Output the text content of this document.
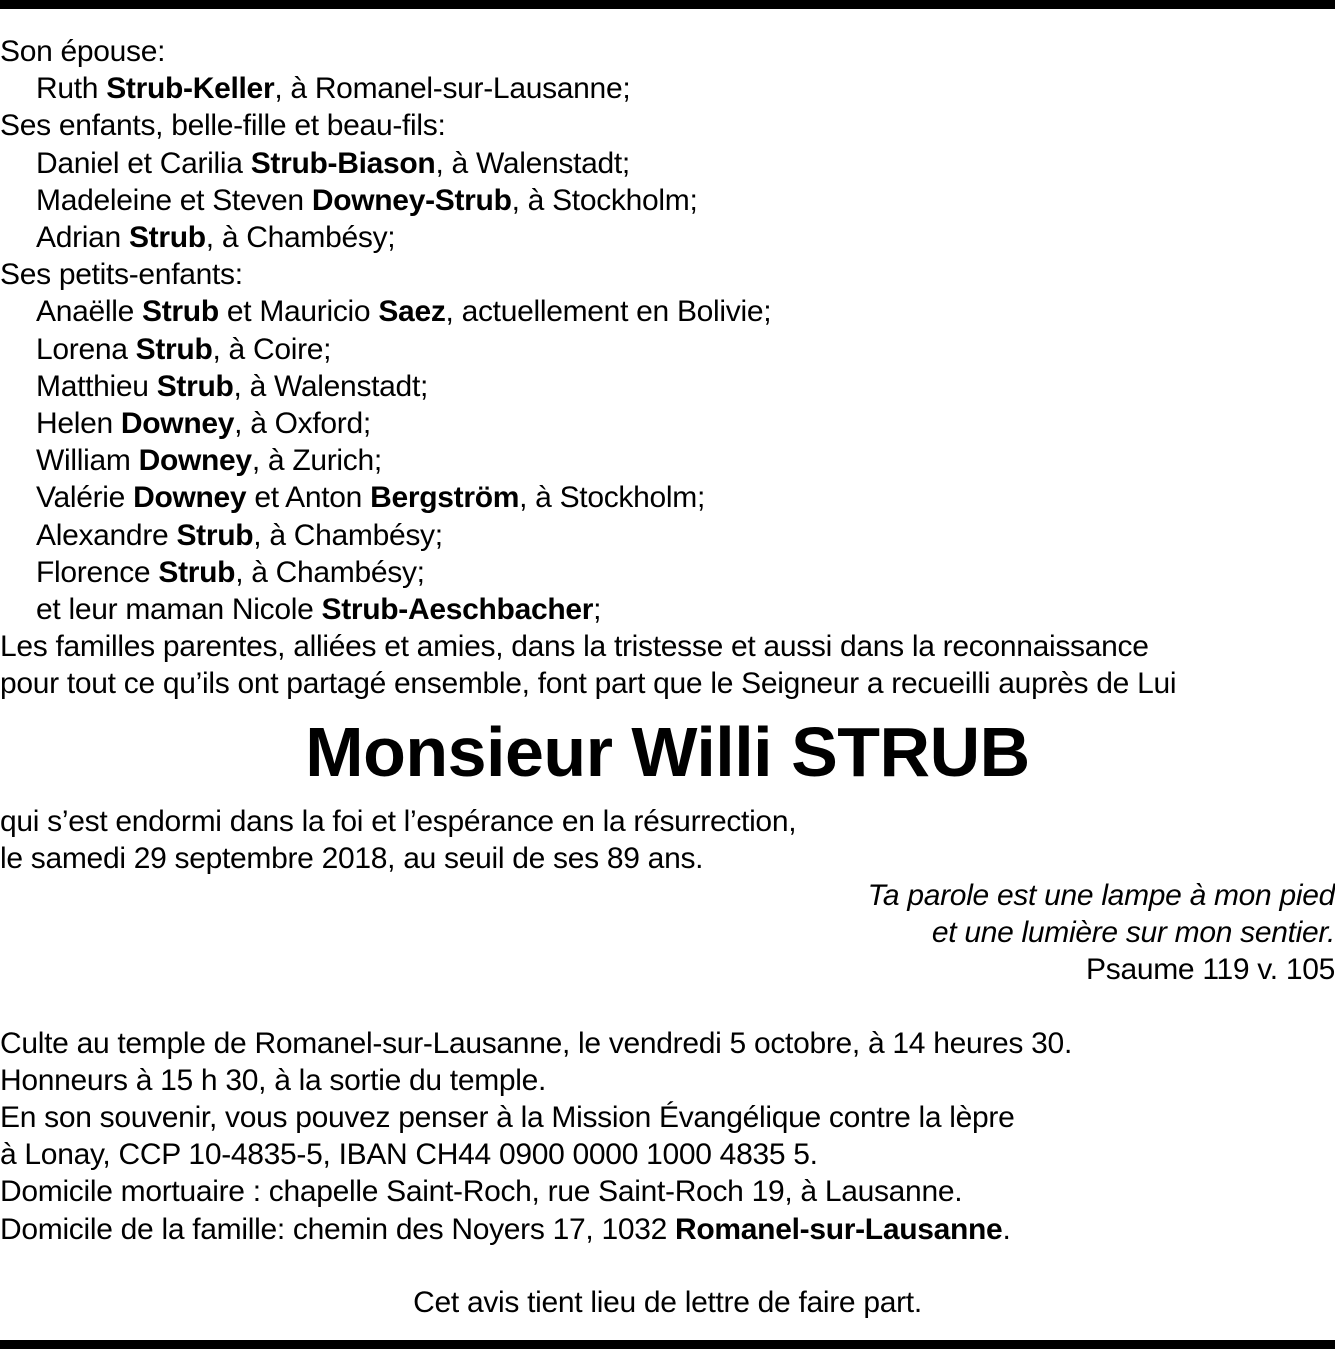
Son épouse:
Ruth Strub-Keller, à Romanel-sur-Lausanne;
Ses enfants, belle-fille et beau-fils:
Daniel et Carilia Strub-Biason, à Walenstadt;
Madeleine et Steven Downey-Strub, à Stockholm;
Adrian Strub, à Chambésy;
Ses petits-enfants:
Anaëlle Strub et Mauricio Saez, actuellement en Bolivie;
Lorena Strub, à Coire;
Matthieu Strub, à Walenstadt;
Helen Downey, à Oxford;
William Downey, à Zurich;
Valérie Downey et Anton Bergström, à Stockholm;
Alexandre Strub, à Chambésy;
Florence Strub, à Chambésy;
et leur maman Nicole Strub-Aeschbacher;
Les familles parentes, alliées et amies, dans la tristesse et aussi dans la reconnaissance
pour tout ce qu’ils ont partagé ensemble, font part que le Seigneur a recueilli auprès de Lui
Monsieur Willi STRUB
qui s’est endormi dans la foi et l’espérance en la résurrection,
le samedi 29 septembre 2018, au seuil de ses 89 ans.
Ta parole est une lampe à mon pied
et une lumière sur mon sentier.
Psaume 119 v. 105
Culte au temple de Romanel-sur-Lausanne, le vendredi 5 octobre, à 14 heures 30.
Honneurs à 15 h 30, à la sortie du temple.
En son souvenir, vous pouvez penser à la Mission Évangélique contre la lèpre
à Lonay, CCP 10-4835-5, IBAN CH44 0900 0000 1000 4835 5.
Domicile mortuaire : chapelle Saint-Roch, rue Saint-Roch 19, à Lausanne.
Domicile de la famille: chemin des Noyers 17, 1032 Romanel-sur-Lausanne.
Cet avis tient lieu de lettre de faire part.
